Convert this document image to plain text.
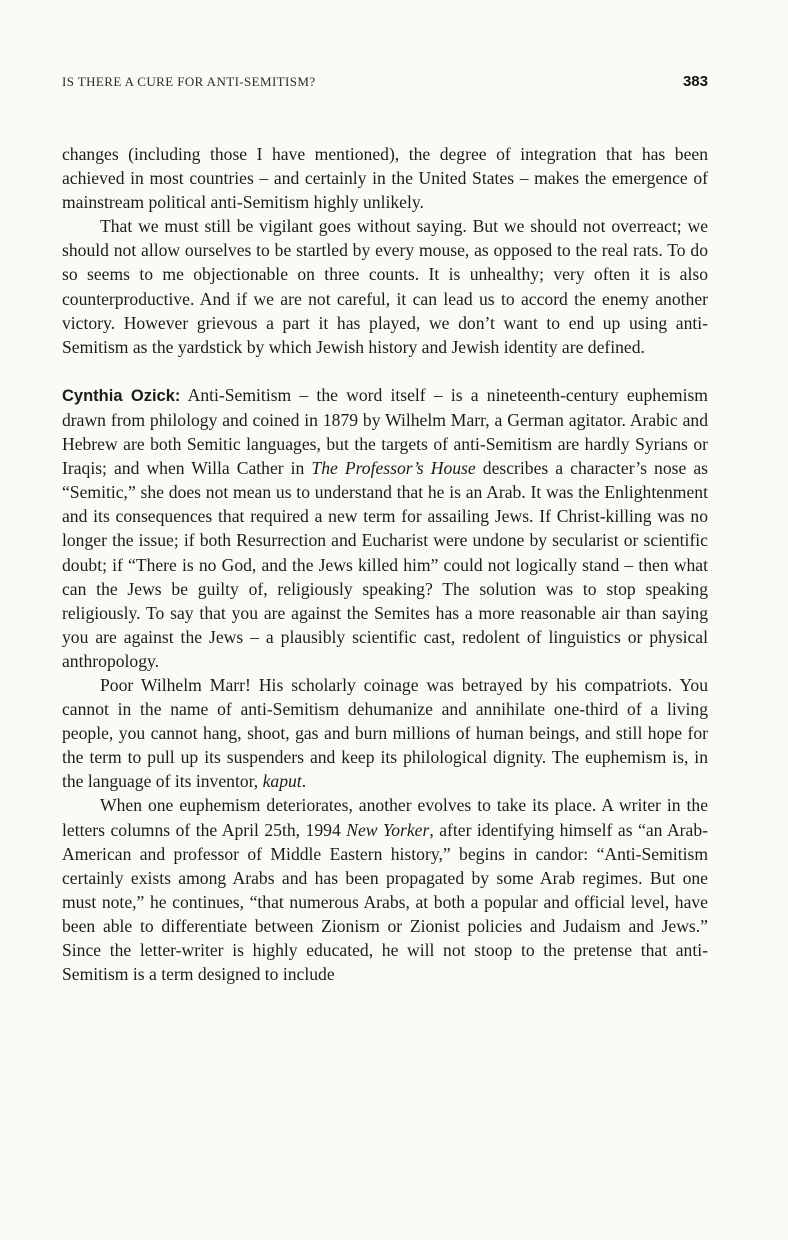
IS THERE A CURE FOR ANTI-SEMITISM?	383

changes (including those I have mentioned), the degree of integration that has been achieved in most countries – and certainly in the United States – makes the emergence of mainstream political anti-Semitism highly unlikely.

That we must still be vigilant goes without saying. But we should not overreact; we should not allow ourselves to be startled by every mouse, as opposed to the real rats. To do so seems to me objectionable on three counts. It is unhealthy; very often it is also counterproductive. And if we are not careful, it can lead us to accord the enemy another victory. However grievous a part it has played, we don’t want to end up using anti-Semitism as the yardstick by which Jewish history and Jewish identity are defined.

Cynthia Ozick: Anti-Semitism – the word itself – is a nineteenth-century euphemism drawn from philology and coined in 1879 by Wilhelm Marr, a German agitator. Arabic and Hebrew are both Semitic languages, but the targets of anti-Semitism are hardly Syrians or Iraqis; and when Willa Cather in The Professor’s House describes a character’s nose as “Semitic,” she does not mean us to understand that he is an Arab. It was the Enlightenment and its consequences that required a new term for assailing Jews. If Christ-killing was no longer the issue; if both Resurrection and Eucharist were undone by secularist or scientific doubt; if “There is no God, and the Jews killed him” could not logically stand – then what can the Jews be guilty of, religiously speaking? The solution was to stop speaking religiously. To say that you are against the Semites has a more reasonable air than saying you are against the Jews – a plausibly scientific cast, redolent of linguistics or physical anthropology.

Poor Wilhelm Marr! His scholarly coinage was betrayed by his compatriots. You cannot in the name of anti-Semitism dehumanize and annihilate one-third of a living people, you cannot hang, shoot, gas and burn millions of human beings, and still hope for the term to pull up its suspenders and keep its philological dignity. The euphemism is, in the language of its inventor, kaput.

When one euphemism deteriorates, another evolves to take its place. A writer in the letters columns of the April 25th, 1994 New Yorker, after identifying himself as “an Arab-American and professor of Middle Eastern history,” begins in candor: “Anti-Semitism certainly exists among Arabs and has been propagated by some Arab regimes. But one must note,” he continues, “that numerous Arabs, at both a popular and official level, have been able to differentiate between Zionism or Zionist policies and Judaism and Jews.” Since the letter-writer is highly educated, he will not stoop to the pretense that anti-Semitism is a term designed to include
